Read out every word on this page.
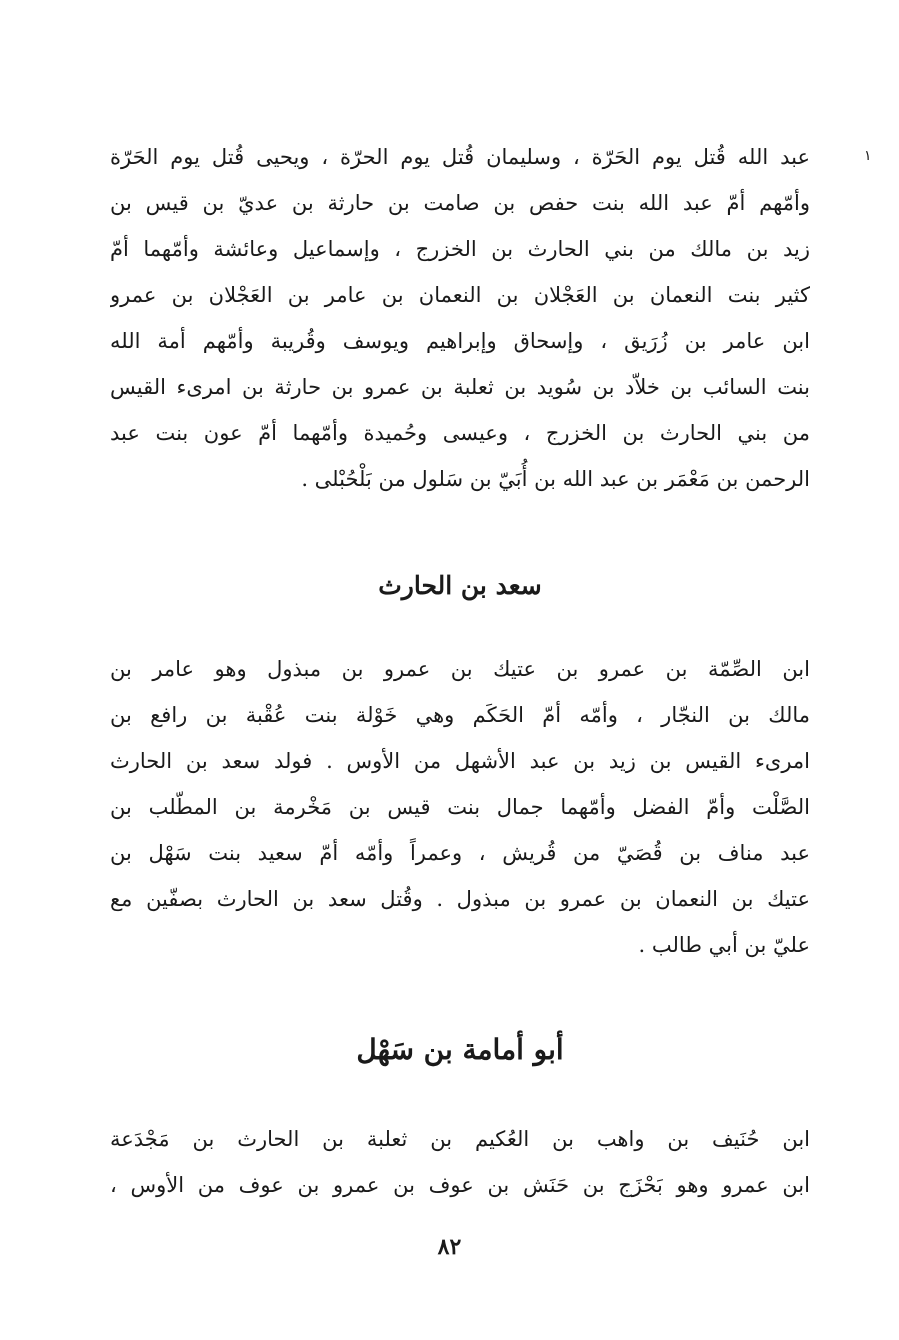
١
عبد الله قُتل يوم الحَرّة ، وسليمان قُتل يوم الحرّة ، ويحيى قُتل يوم الحَرّة
وأمّهم أمّ عبد الله بنت حفص بن صامت بن حارثة بن عديّ بن قيس بن
زيد بن مالك من بني الحارث بن الخزرج ، وإسماعيل وعائشة وأمّهما أمّ
كثير بنت النعمان بن العَجْلان بن النعمان بن عامر بن العَجْلان بن عمرو
ابن عامر بن زُرَيق ، وإسحاق وإبراهيم ويوسف وقُريبة وأمّهم أمة الله
بنت السائب بن خلاّد بن سُويد بن ثعلبة بن عمرو بن حارثة بن امرىء القيس
من بني الحارث بن الخزرج ، وعيسى وحُميدة وأمّهما أمّ عون بنت عبد
الرحمن بن مَعْمَر بن عبد الله بن أُبَيّ بن سَلول من بَلْحُبْلى .
سعد بن الحارث
ابن الصِّمّة بن عمرو بن عتيك بن عمرو بن مبذول وهو عامر بن
مالك بن النجّار ، وأمّه أمّ الحَكَم وهي خَوْلة بنت عُقْبة بن رافع بن
امرىء القيس بن زيد بن عبد الأشهل من الأوس . فولد سعد بن الحارث
الصَّلْت وأمّ الفضل وأمّهما جمال بنت قيس بن مَخْرمة بن المطّلب بن
عبد مناف بن قُصَيّ من قُريش ، وعمراً وأمّه أمّ سعيد بنت سَهْل بن
عتيك بن النعمان بن عمرو بن مبذول . وقُتل سعد بن الحارث بصفّين مع
عليّ بن أبي طالب .
أبو أمامة بن سَهْل
ابن حُنَيف بن واهب بن العُكيم بن ثعلبة بن الحارث بن مَجْدَعة
ابن عمرو وهو بَحْزَج بن حَنَش بن عوف بن عمرو بن عوف من الأوس ،
٨٢
